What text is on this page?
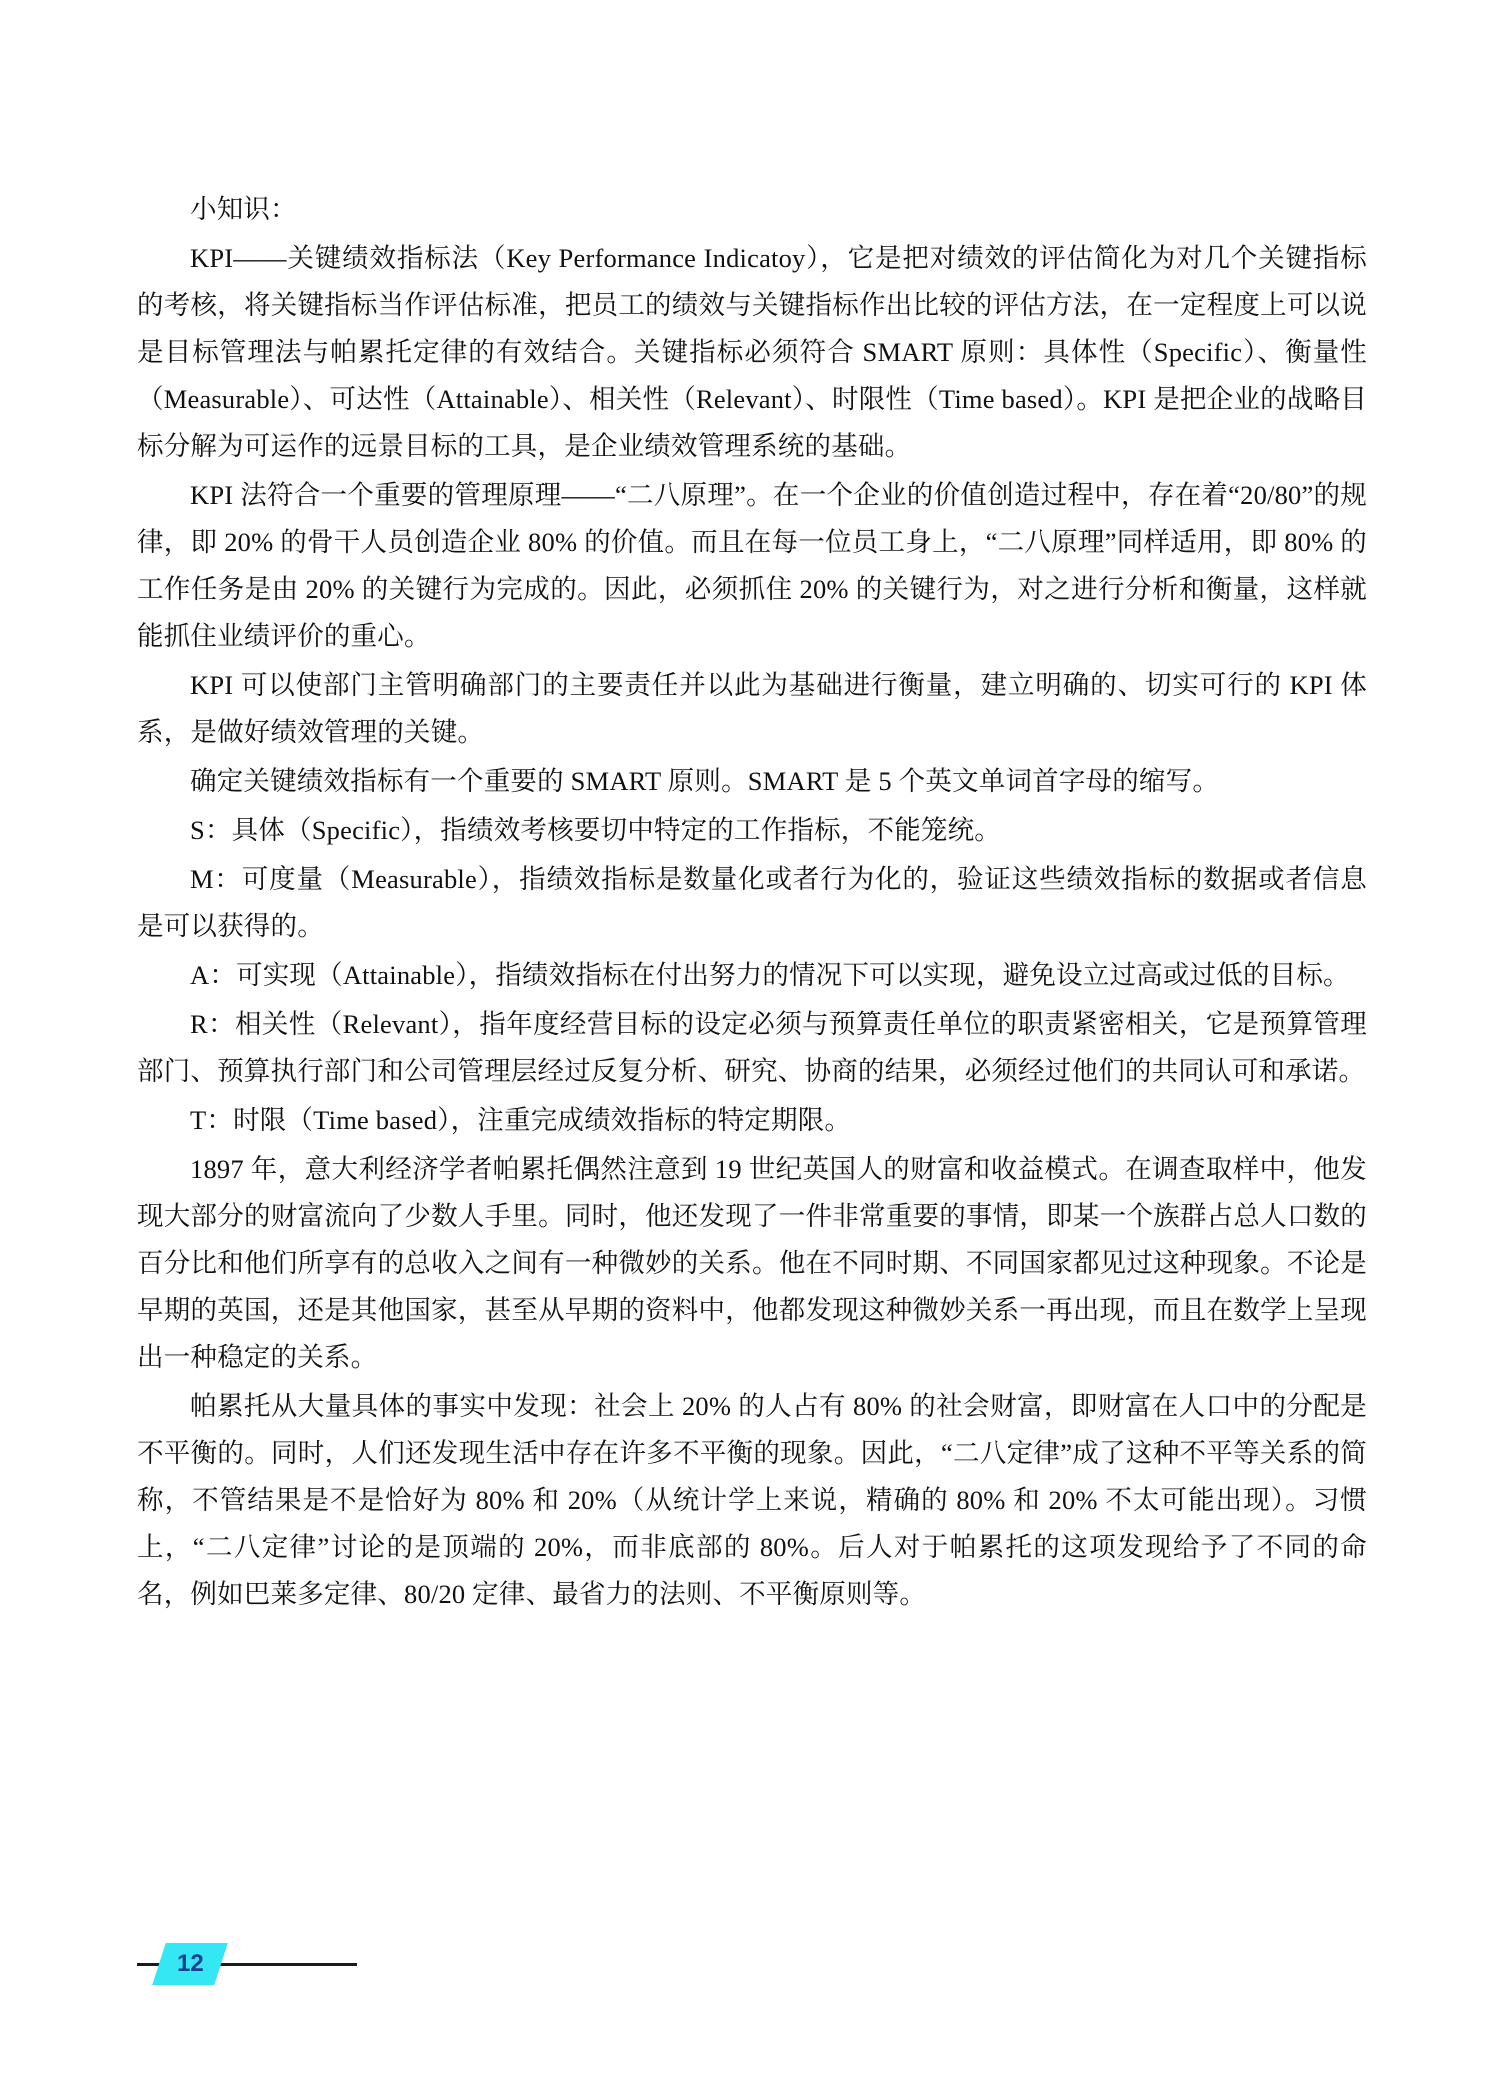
小知识：

KPI——关键绩效指标法（Key Performance Indicatoy），它是把对绩效的评估简化为对几个关键指标的考核，将关键指标当作评估标准，把员工的绩效与关键指标作出比较的评估方法，在一定程度上可以说是目标管理法与帕累托定律的有效结合。关键指标必须符合 SMART 原则：具体性（Specific）、衡量性（Measurable）、可达性（Attainable）、相关性（Relevant）、时限性（Time based）。KPI 是把企业的战略目标分解为可运作的远景目标的工具，是企业绩效管理系统的基础。

KPI 法符合一个重要的管理原理——“二八原理”。在一个企业的价值创造过程中，存在着“20/80”的规律，即 20% 的骨干人员创造企业 80% 的价值。而且在每一位员工身上，“二八原理”同样适用，即 80% 的工作任务是由 20% 的关键行为完成的。因此，必须抓住 20% 的关键行为，对之进行分析和衡量，这样就能抓住业绩评价的重心。

KPI 可以使部门主管明确部门的主要责任并以此为基础进行衡量，建立明确的、切实可行的 KPI 体系，是做好绩效管理的关键。

确定关键绩效指标有一个重要的 SMART 原则。SMART 是 5 个英文单词首字母的缩写。

S：具体（Specific），指绩效考核要切中特定的工作指标，不能笼统。

M：可度量（Measurable），指绩效指标是数量化或者行为化的，验证这些绩效指标的数据或者信息是可以获得的。

A：可实现（Attainable），指绩效指标在付出努力的情况下可以实现，避免设立过高或过低的目标。

R：相关性（Relevant），指年度经营目标的设定必须与预算责任单位的职责紧密相关，它是预算管理部门、预算执行部门和公司管理层经过反复分析、研究、协商的结果，必须经过他们的共同认可和承诺。

T：时限（Time based），注重完成绩效指标的特定期限。

1897 年，意大利经济学者帕累托偶然注意到 19 世纪英国人的财富和收益模式。在调查取样中，他发现大部分的财富流向了少数人手里。同时，他还发现了一件非常重要的事情，即某一个族群占总人口数的百分比和他们所享有的总收入之间有一种微妙的关系。他在不同时期、不同国家都见过这种现象。不论是早期的英国，还是其他国家，甚至从早期的资料中，他都发现这种微妙关系一再出现，而且在数学上呈现出一种稳定的关系。

帕累托从大量具体的事实中发现：社会上 20% 的人占有 80% 的社会财富，即财富在人口中的分配是不平衡的。同时，人们还发现生活中存在许多不平衡的现象。因此，“二八定律”成了这种不平等关系的简称，不管结果是不是恰好为 80% 和 20%（从统计学上来说，精确的 80% 和 20% 不太可能出现）。习惯上，“二八定律”讨论的是顶端的 20%，而非底部的 80%。后人对于帕累托的这项发现给予了不同的命名，例如巴莱多定律、80/20 定律、最省力的法则、不平衡原则等。

12
